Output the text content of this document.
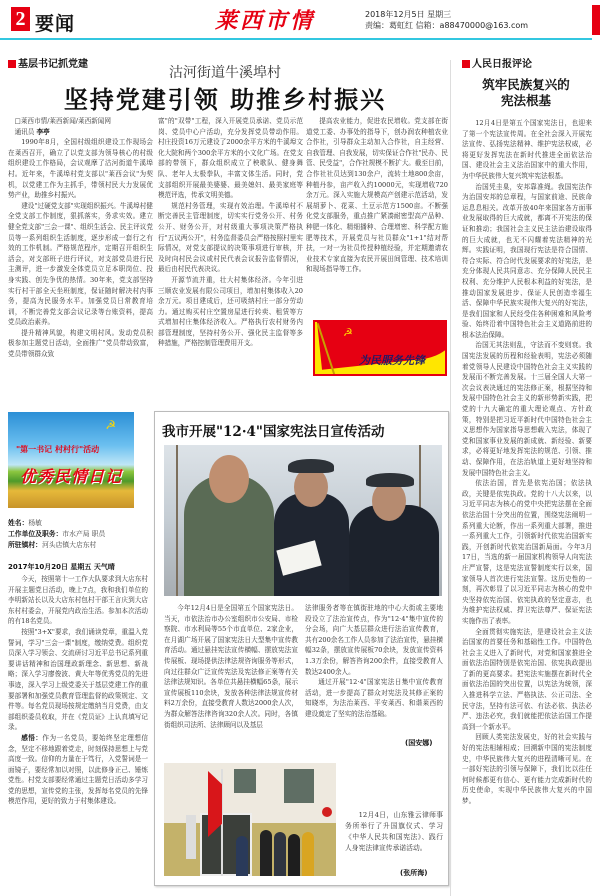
2 要闻	莱西市情	2018年12月5日 星期三
责编：葛虹红 信箱：a88470000@163.com
基层书记抓党建
沽河街道牛溪埠村
坚持党建引领 助推乡村振兴

□莱西市情/莱西新闻/莱西新闻网

通讯员 李亭

1990年8月，全国村级组织建设工作现场会在莱西召开，确立了以党支部为领导核心的村级组织建设工作格局，会议观摩了沽河街道牛溪埠村。近年来，牛溪埠村党支部以"莱西会议"为契机，以党建工作为主抓手，带领村民大力发展优势产业，助推乡村振兴。

建设"过硬党支部"实现组织振兴。牛溪埠村健全党支部工作制度，狠抓落实，务求实效。建立健全党支部"三会一课"、组织生活会、民主评议党员等一系列组织生活制度，逐步形成一套行之有效的工作机制。严格规范程序，定期召开组织生活会，对支部班子进行评议，对支部党员进行民主测评，进一步激发全体党员立足本职岗位、投身实践、创先争优的热情。30年来，党支部坚持实行村干部全天坐班制度，保证随时解决村内事务，提高为民服务水平。加强党员日常教育培训，不断完善党支部会议记录等台账资料，提高党员政治素养。

提升精神风貌，构建文明村风。发动党员积极参加主题党日活动，全面推广"党员带动致富，党员带领群众致

富"的"双带"工程，深入开展党员承诺、党员示范岗、党员中心户活动，充分发挥党员带动作用。村庄投资16万元建设了2000余平方米的牛溪埠文化大院和两个300余平方米的小文化广场。在党支部的带领下，群众组织成立了秧歌队、健身舞队、老年人太极拳队，丰富文体生活。同时，党支部组织开展最美婆婆、最美媳妇、最美家庭等模范评选，传承文明美德。

规范村务管理，实现有效治理。牛溪埠村不断完善民主管理制度，切实实行党务公开、村务公开、财务公开，对村级重大事项决策严格执行"五议两公开"，村务监督委员会严格按照村里实际情况，对党支部提议的决策事项进行审核，并及时向村民会议或村民代表会议报告监督情况，最后由村民代表决议。

开源节流并重，壮大村集体经济。今年引进三顺农业发展有限公司项目，增加村集体收入20余万元。项目建成后，还可吸纳村庄一部分劳动力。通过购买村庄空置房屋进行转卖、租赁等方式增加村庄集体经济收入。严格执行农村财务内部管理制度，坚持村务公开、强化民主监督等多种措施，严格控制管理费用开支。

提高农业能力，促进农民增收。党支部在街道党工委、办事处的指导下，创办润农种植农业合作社，引导群众主动加入合作社，自主经营、自我管理、自我发展，切实保证合作社"民办、民管、民受益"，合作社规模不断扩大。截至目前，合作社社员达到130余户，流转土地800余亩，种植丹参，亩产收入约10000元，实现增收720余万元。深入实施大规模高产创建示范活动，发展胡萝卜、花菜、土豆示范方1500亩。不断强化党支部服务，重点推广紧凑耐密型高产品种、种肥一体化、精细播种、合理增密、科学配方施肥等技术，开展党员与社员群众"1+1"结对帮扶，一对一为社员传授种植经验，并定期邀请农业技术专家直接为农民开展田间管理、技术培训和现场指导等工作。

☭
为民服务先锋
☭
"第一书记 村村行"活动
优秀民情日记
姓名：杨敏
工作单位及职务：市水产局 职员
所驻镇村：河头店镇大店东村
2017年10月20日 星期五 天气晴

今天，按照第十一工作大队要求到大店东村开展主题党日活动，晚上7点，我和我们单位的李明新站长以及大店东村包村干部王言庆到大店东村村委会，开展党内政治生活。参加本次活动的有18名党员。

按照"3+X"要求，我们诵读党章，重温入党誓词，学习"三会一课"制度，缴纳党费。组织党员深入学习领会、交流研讨习近平总书记系列重要讲话精神和治国理政新理念、新思想、新战略；深入学习廖俊波、黄大年等优秀党员的先进事迹，深入学习上级党委关于基层党建工作的重要部署和加强党员教育管理监督的政策规定、文件等。每名党员现场按规定缴纳当月党费，由支部组织委员收取，并在《党员证》上认真填写记录。

感悟：作为一名党员，要始终坚定理想信念，坚定不移地跟着党走，时刻保持思想上与党高度一致。信仰的力量在于笃行，入党誓词是一面镜子，要经常加以对照，以此修身正己、锤炼党性。村党支部要经常通过主题党日活动多学习党的思想，宣传党的主张，发挥每名党员的先锋模范作用，更好的致力于村集体建设。

我市开展"12·4"国家宪法日宣传活动

今年12月4日是全国第五个国家宪法日。当天，市依法治市办公室组织市公安局、市检察院、市水利局等55个市直单位、2家企业，在月湖广场开展了国家宪法日大型集中宣传教育活动。通过悬挂宪法宣传横幅、摆放宪法宣传展板、现场提供法律法规咨询服务等形式，向过往群众广泛宣传宪法及宪法修正案等有关法律法规知识。各单位共悬挂横幅65条，展示宣传展板110余块，发放各种法律法规宣传材料2万余份，直接受教育人数达2000余人次，为群众解答法律咨询320余人次。同时，各镇街组织司法所、法律顾问以及基层

法律服务者等在镇街驻地的中心大街或主要地段设立了法治宣传点，作为"12·4"集中宣传的分会场，向广大基层群众进行法治宣传教育，共有200余名工作人员参加了法治宣传，悬挂横幅32条，摆放宣传展板70余块，发放宣传资料1.3万余份，解答咨询200余件，直接受教育人数达2400余人。

通过开展"12·4"国家宪法日集中宣传教育活动，进一步提高了群众对宪法及其修正案的知晓率，为法治莱西、平安莱西、和谐莱西的建设奠定了坚实的法治基础。

(国安娜)

12月4日，山东雅云律师事务所举行了升国旗仪式、学习《中华人民共和国宪法》、践行人身宪法律宣传承诺活动。

(张所海)
人民日报评论
筑牢民族复兴的
宪法根基

12月4日是第五个国家宪法日，也迎来了第一个宪法宣传周。在全社会深入开展宪法宣传、弘扬宪法精神、维护宪法权威，必将更好发挥宪法在新时代推进全面依法治国、建设社会主义法治国家中的重大作用，为中华民族伟大复兴筑牢宪法根基。

治国凭圭臬，安邦靠准绳。我国宪法作为治国安邦的总章程，与国家前途、民族命运息息相关。改革开放40年来国家各方面事业发展取得的巨大成就，都离不开宪法的保证和推动；我国社会主义民主法治建设取得的巨大成就，也无不闪耀着宪法精神的光辉。实践证明，我国现行宪法是符合国情、符合实际、符合时代发展要求的好宪法，是充分体现人民共同意志、充分保障人民民主权利、充分维护人民根本利益的好宪法，是推动国家发展进步、保证人民创造幸福生活、保障中华民族实现伟大复兴的好宪法，是我们国家和人民经受住各种困难和风险考验、始终沿着中国特色社会主义道路前进的根本法治保障。

治国无其法则乱，守法而不变则衰。我国宪法发展的历程和经验表明，宪法必须随着党领导人民建设中国特色社会主义实践的发展而不断完善发展。十三届全国人大第一次会议表决通过的宪法修正案，根据坚持和发展中国特色社会主义的新形势新实践，把党的十九大确定的重大理论观点、方针政策，特别是把习近平新时代中国特色社会主义思想作为国家指导思想载入宪法，体现了党和国家事业发展的新成就、新经验、新要求，必将更好地发挥宪法的规范、引领、推动、保障作用，在法治轨道上更好地坚持和发展中国特色社会主义。

依法治国，首先是依宪治国；依法执政，关键是依宪执政。党的十八大以来，以习近平同志为核心的党中央把宪法摆在全面依法治国十分突出的位置，围绕宪法阐明一系列重大论断，作出一系列重大部署，推进一系列重大工作，引领新时代依宪治国新实践，开创新时代依宪治国新局面。今年3月17日，当选的新一届国家机构领导人向宪法庄严宣誓，这是宪法宣誓制度实行以来，国家领导人首次进行宪法宣誓。这历史性的一刻，再次彰显了以习近平同志为核心的党中央坚持依宪治国、依宪执政的坚定意志，也为维护宪法权威、捍卫宪法尊严、保证宪法实施作出了表率。

全面贯彻实施宪法，是建设社会主义法治国家的首要任务和基础性工作。中国特色社会主义进入了新时代，对党和国家推进全面依法治国特别是依宪治国、依宪执政提出了新的更高要求。把宪法实施摆在新时代全面依法治国的突出位置，以宪法为统领，深入推进科学立法、严格执法、公正司法、全民守法，坚持有法可依、有法必依、执法必严、违法必究，我们就能把依法治国工作提高到一个新水平。

回顾人类宪法发展史，好的社会实践与好的宪法相辅相成；回溯新中国的宪法制度史，中华民族伟大复兴的进程清晰可见。在一部好宪法的引领与保障下，我们比以往任何时候都更有信心、更有能力完成新时代的历史使命，实现中华民族伟大复兴的中国梦。
